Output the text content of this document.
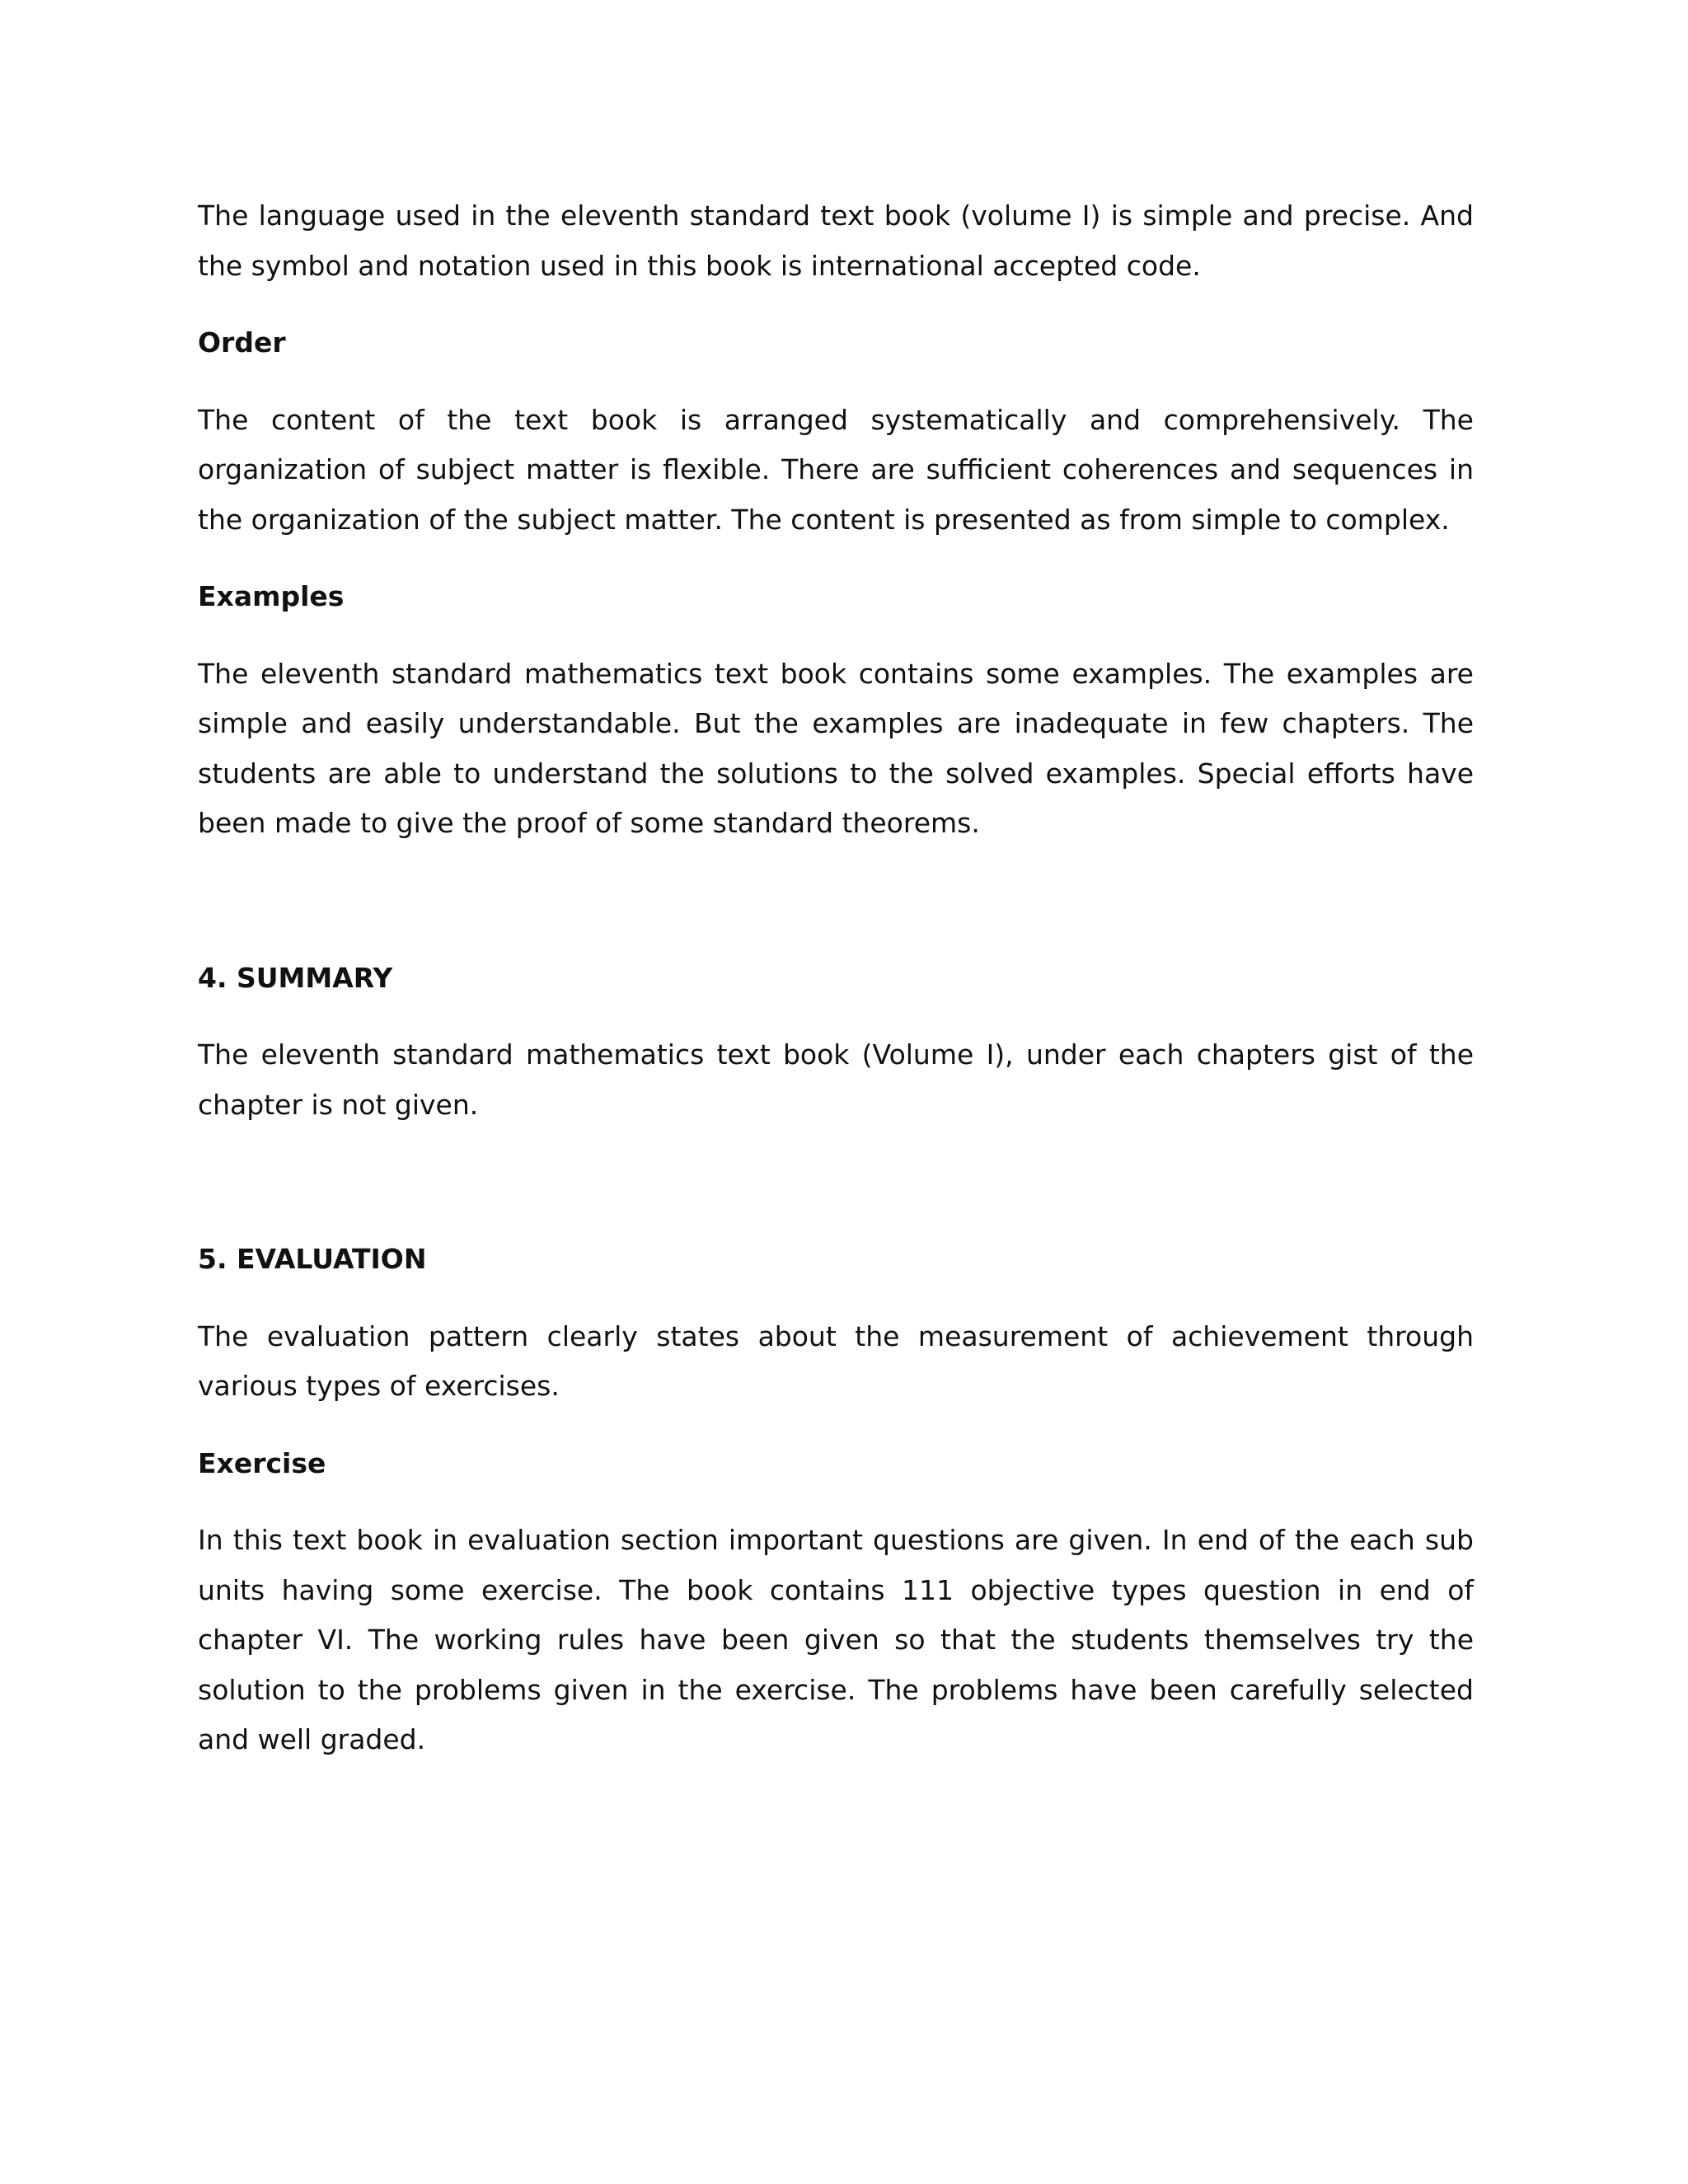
The language used in the eleventh standard text book (volume I) is simple and precise. And the symbol and notation used in this book is international accepted code.

Order

The content of the text book is arranged systematically and comprehensively. The organization of subject matter is flexible. There are sufficient coherences and sequences in the organization of the subject matter. The content is presented as from simple to complex.

Examples

The eleventh standard mathematics text book contains some examples. The examples are simple and easily understandable. But the examples are inadequate in few chapters. The students are able to understand the solutions to the solved examples. Special efforts have been made to give the proof of some standard theorems.

4. SUMMARY

The eleventh standard mathematics text book (Volume I), under each chapters gist of the chapter is not given.

5. EVALUATION

The evaluation pattern clearly states about the measurement of achievement through various types of exercises.

Exercise

In this text book in evaluation section important questions are given. In end of the each sub units having some exercise. The book contains 111 objective types question in end of chapter VI. The working rules have been given so that the students themselves try the solution to the problems given in the exercise. The problems have been carefully selected and well graded.
